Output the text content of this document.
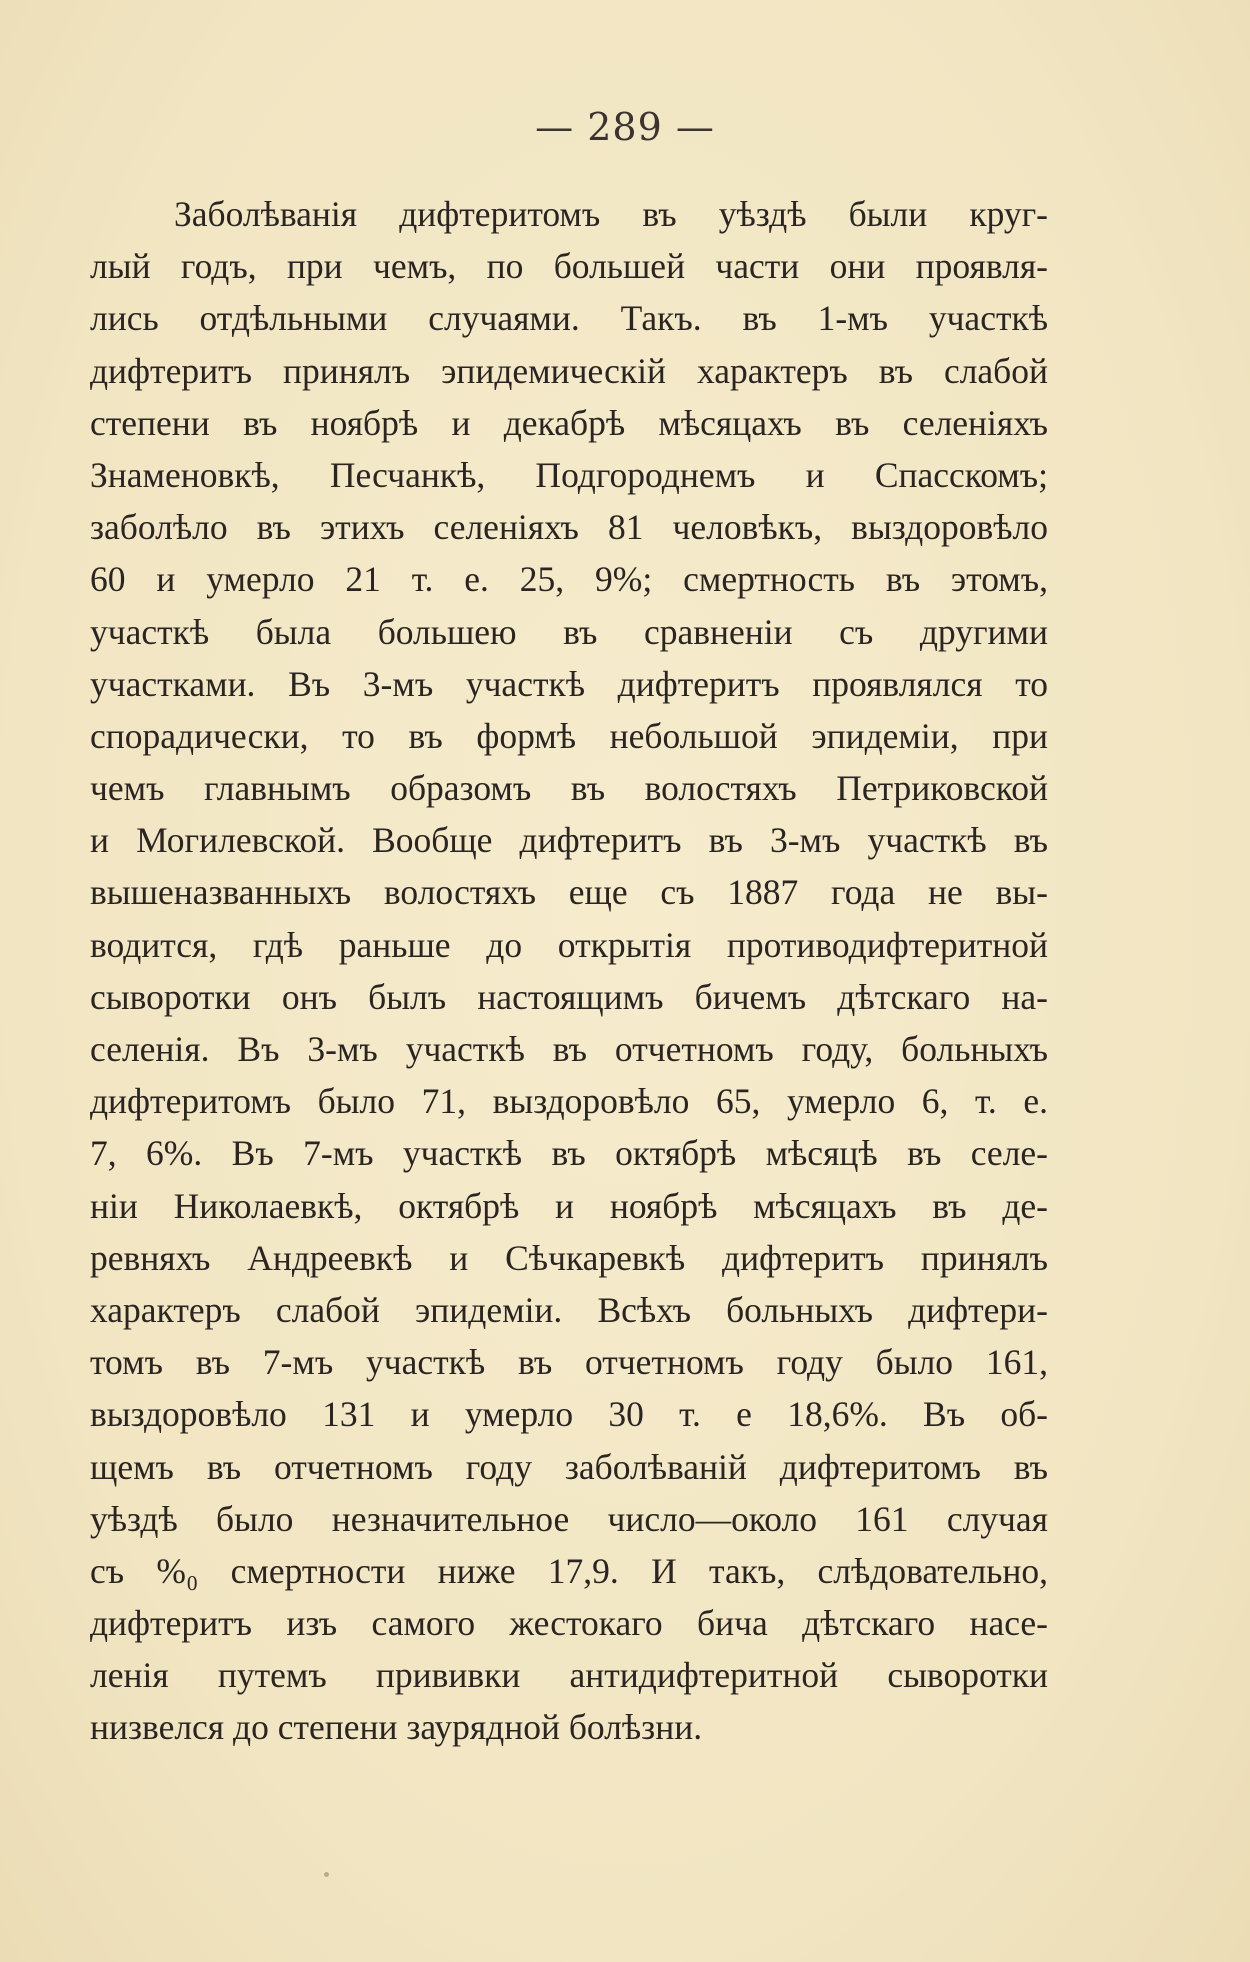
— 289 —
Заболѣванія дифтеритомъ въ уѣздѣ были круг-
лый годъ, при чемъ, по большей части они проявля-
лись отдѣльными случаями. Такъ. въ 1-мъ участкѣ
дифтеритъ принялъ эпидемическій характеръ въ слабой
степени въ ноябрѣ и декабрѣ мѣсяцахъ въ селеніяхъ
Знаменовкѣ, Песчанкѣ, Подгороднемъ и Спасскомъ;
заболѣло въ этихъ селеніяхъ 81 человѣкъ, выздоровѣло
60 и умерло 21 т. е. 25, 9%; смертность въ этомъ,
участкѣ была большею въ сравненіи съ другими
участками. Въ 3-мъ участкѣ дифтеритъ проявлялся то
спорадически, то въ формѣ небольшой эпидеміи, при
чемъ главнымъ образомъ въ волостяхъ Петриковской
и Могилевской. Вообще дифтеритъ въ 3-мъ участкѣ въ
вышеназванныхъ волостяхъ еще съ 1887 года не вы-
водится, гдѣ раньше до открытія противодифтеритной
сыворотки онъ былъ настоящимъ бичемъ дѣтскаго на-
селенія. Въ 3-мъ участкѣ въ отчетномъ году, больныхъ
дифтеритомъ было 71, выздоровѣло 65, умерло 6, т. е.
7, 6%. Въ 7-мъ участкѣ въ октябрѣ мѣсяцѣ въ селе-
ніи Николаевкѣ, октябрѣ и ноябрѣ мѣсяцахъ въ де-
ревняхъ Андреевкѣ и Сѣчкаревкѣ дифтеритъ принялъ
характеръ слабой эпидеміи. Всѣхъ больныхъ дифтери-
томъ въ 7-мъ участкѣ въ отчетномъ году было 161,
выздоровѣло 131 и умерло 30 т. е 18,6%. Въ об-
щемъ въ отчетномъ году заболѣваній дифтеритомъ въ
уѣздѣ было незначительное число—около 161 случая
съ %₀ смертности ниже 17,9. И такъ, слѣдовательно,
дифтеритъ изъ самого жестокаго бича дѣтскаго насе-
ленія путемъ прививки антидифтеритной сыворотки
низвелся до степени заурядной болѣзни.
